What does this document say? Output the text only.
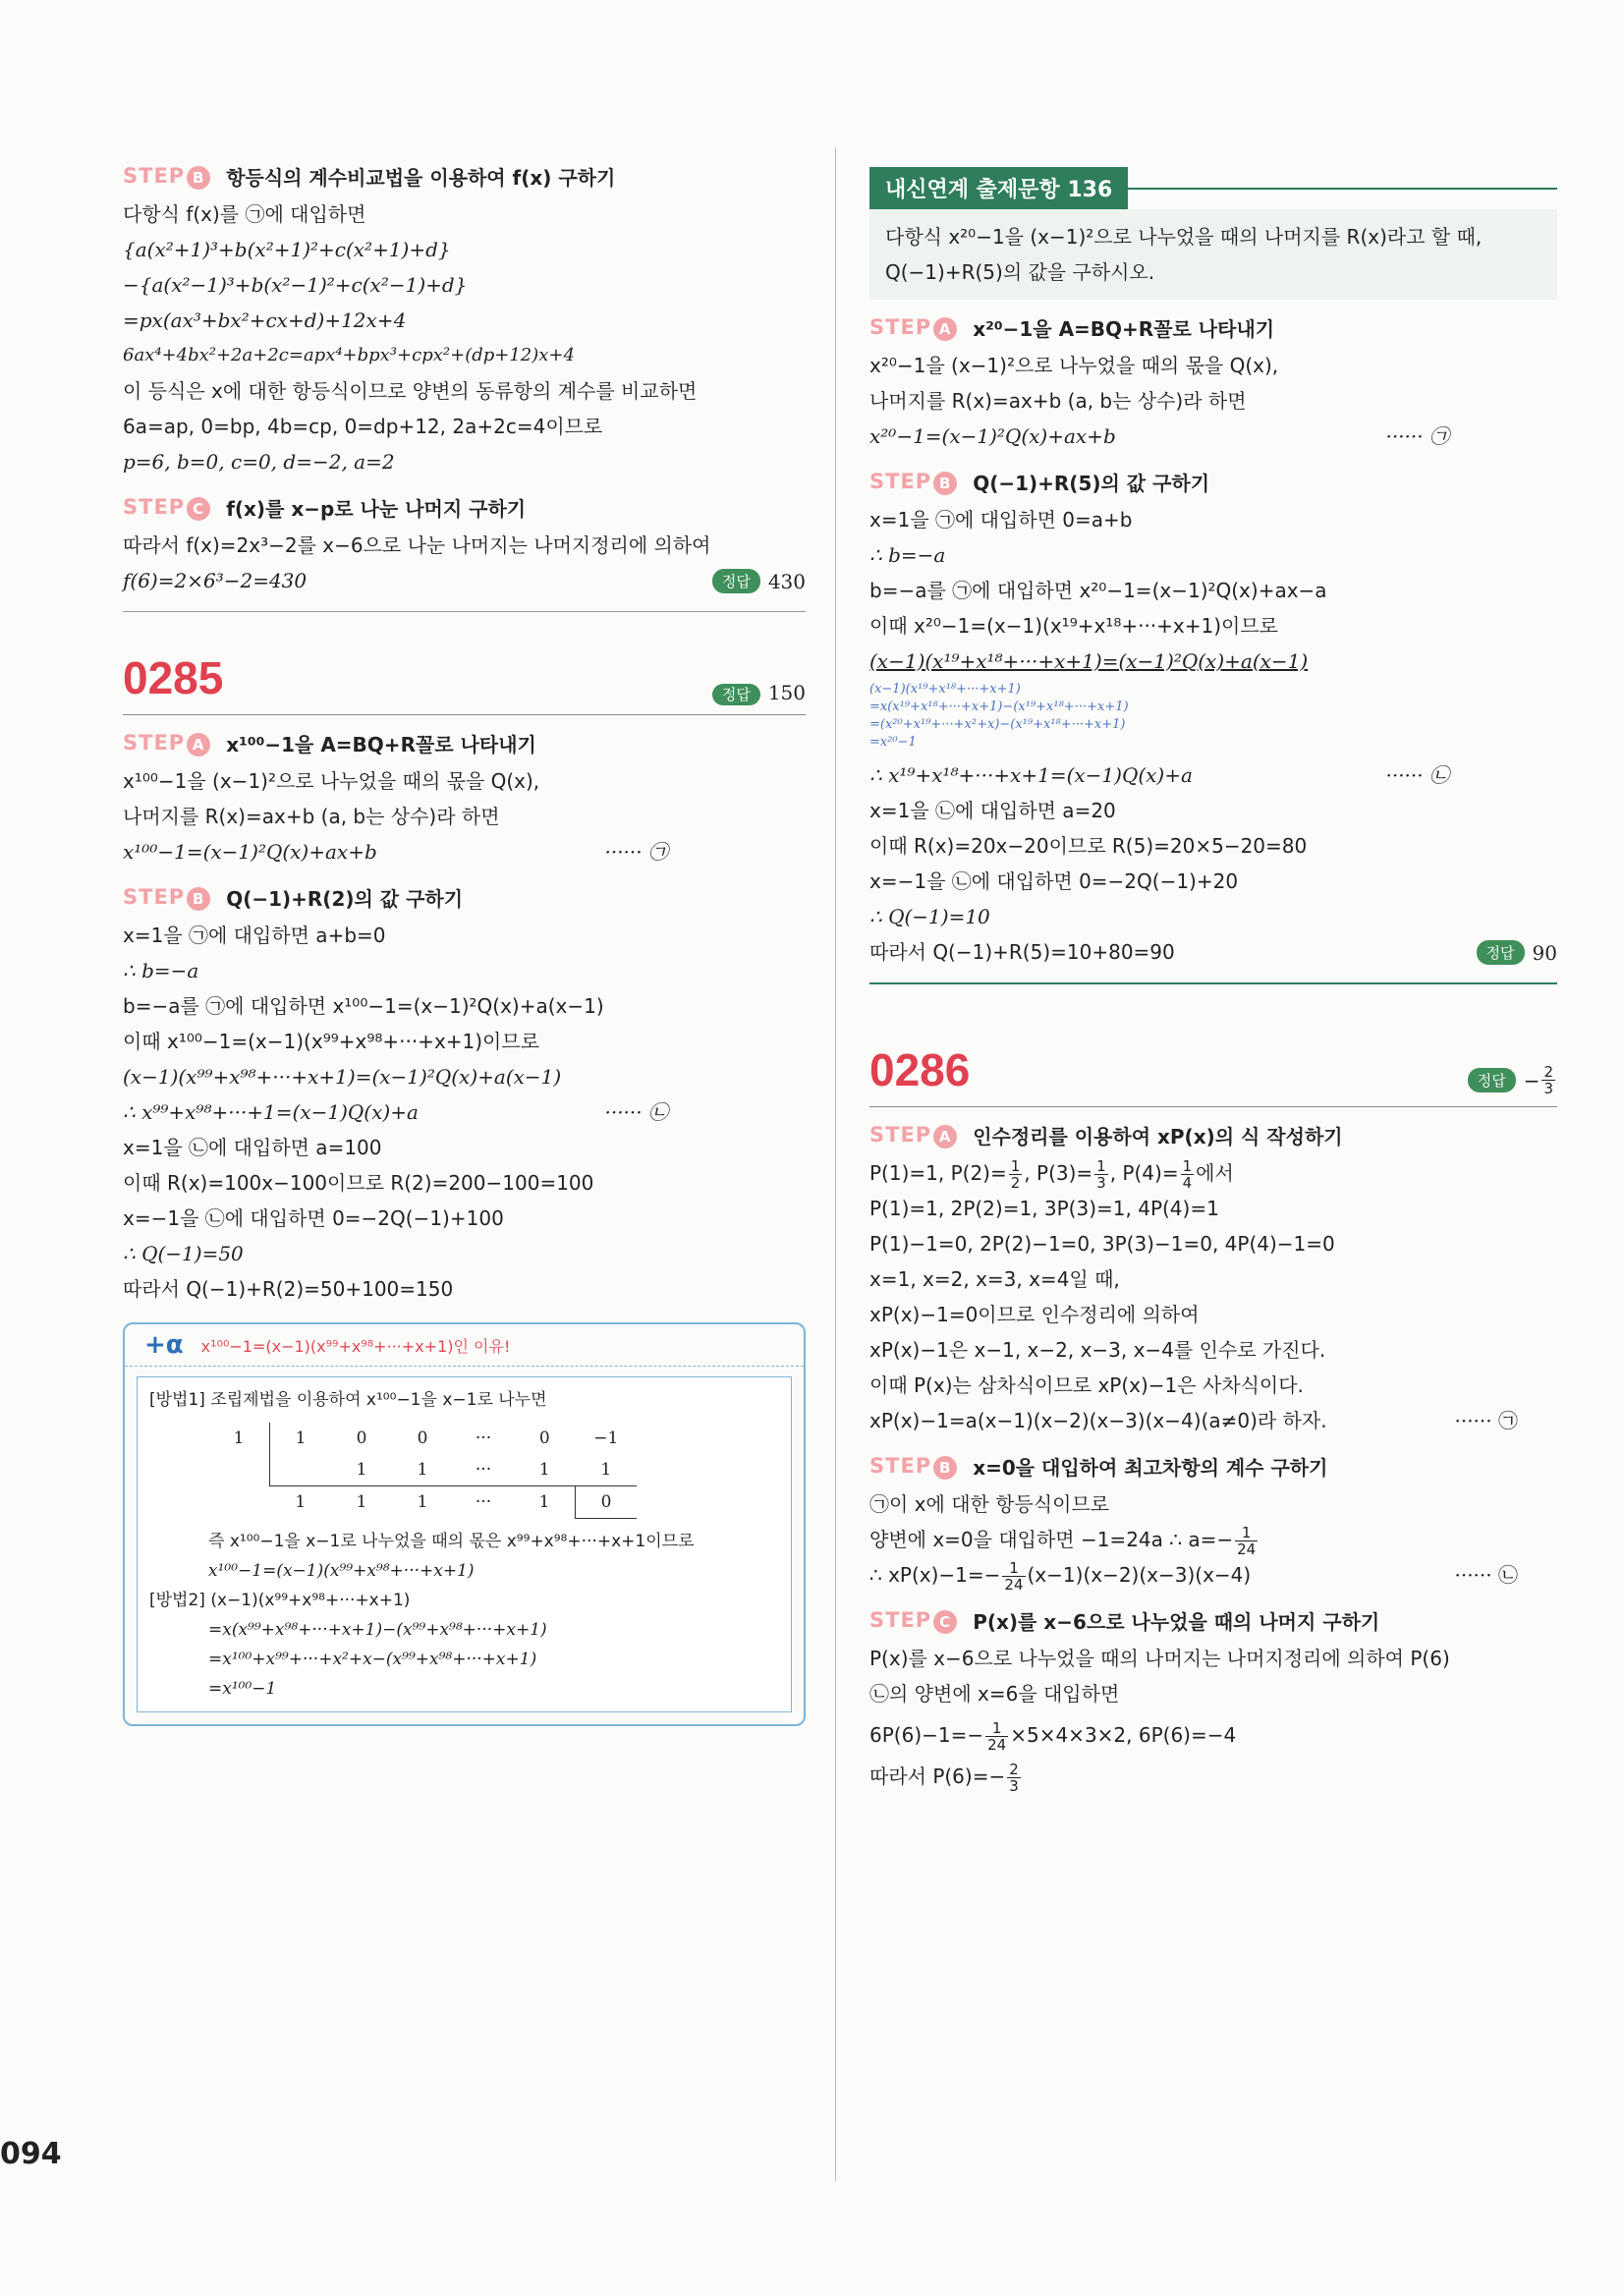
STEP B 항등식의 계수비교법을 이용하여 f(x) 구하기
다항식 f(x)를 ㉠에 대입하면
{a(x²+1)³+b(x²+1)²+c(x²+1)+d}
−{a(x²−1)³+b(x²−1)²+c(x²−1)+d}
=px(ax³+bx²+cx+d)+12x+4
6ax⁴+4bx²+2a+2c=apx⁴+bpx³+cpx²+(dp+12)x+4
이 등식은 x에 대한 항등식이므로 양변의 동류항의 계수를 비교하면
6a=ap, 0=bp, 4b=cp, 0=dp+12, 2a+2c=4이므로
p=6, b=0, c=0, d=−2, a=2
STEP C	f(x)를 x−p로 나눈 나머지 구하기
따라서 f(x)=2x³−2를 x−6으로 나눈 나머지는 나머지정리에 의하여
f(6)=2×6³−2=430	정답 430
0285	정답 150
STEP A x¹⁰⁰−1을 A=BQ+R꼴로 나타내기
x¹⁰⁰−1을 (x−1)²으로 나누었을 때의 몫을 Q(x),
나머지를 R(x)=ax+b (a, b는 상수)라 하면
x¹⁰⁰−1=(x−1)²Q(x)+ax+b	······ ㉠
STEP B Q(−1)+R(2)의 값 구하기
x=1을 ㉠에 대입하면 a+b=0
∴ b=−a
b=−a를 ㉠에 대입하면 x¹⁰⁰−1=(x−1)²Q(x)+a(x−1)
이때 x¹⁰⁰−1=(x−1)(x⁹⁹+x⁹⁸+···+x+1)이므로
(x−1)(x⁹⁹+x⁹⁸+···+x+1)=(x−1)²Q(x)+a(x−1)
∴ x⁹⁹+x⁹⁸+···+1=(x−1)Q(x)+a	······ ㉡
x=1을 ㉡에 대입하면 a=100
이때 R(x)=100x−100이므로 R(2)=200−100=100
x=−1을 ㉡에 대입하면 0=−2Q(−1)+100
∴ Q(−1)=50
따라서 Q(−1)+R(2)=50+100=150
+α x¹⁰⁰−1=(x−1)(x⁹⁹+x⁹⁸+···+x+1)인 이유!
[방법1] 조립제법을 이용하여 x¹⁰⁰−1을 x−1로 나누면
1	1	0	0	···	0	−1
		1	1	···	1	1
	1	1	1	···	1	0
즉 x¹⁰⁰−1을 x−1로 나누었을 때의 몫은 x⁹⁹+x⁹⁸+···+x+1이므로
x¹⁰⁰−1=(x−1)(x⁹⁹+x⁹⁸+···+x+1)
[방법2] (x−1)(x⁹⁹+x⁹⁸+···+x+1)
=x(x⁹⁹+x⁹⁸+···+x+1)−(x⁹⁹+x⁹⁸+···+x+1)
=x¹⁰⁰+x⁹⁹+···+x²+x−(x⁹⁹+x⁹⁸+···+x+1)
=x¹⁰⁰−1
내신연계 출제문항 136
다항식 x²⁰−1을 (x−1)²으로 나누었을 때의 나머지를 R(x)라고 할 때,
Q(−1)+R(5)의 값을 구하시오.
STEP A x²⁰−1을 A=BQ+R꼴로 나타내기
x²⁰−1을 (x−1)²으로 나누었을 때의 몫을 Q(x),
나머지를 R(x)=ax+b (a, b는 상수)라 하면
x²⁰−1=(x−1)²Q(x)+ax+b	······ ㉠
STEP B Q(−1)+R(5)의 값 구하기
x=1을 ㉠에 대입하면 0=a+b
∴ b=−a
b=−a를 ㉠에 대입하면 x²⁰−1=(x−1)²Q(x)+ax−a
이때 x²⁰−1=(x−1)(x¹⁹+x¹⁸+···+x+1)이므로
(x−1)(x¹⁹+x¹⁸+···+x+1)=(x−1)²Q(x)+a(x−1)
(x−1)(x¹⁹+x¹⁸+···+x+1)
=x(x¹⁹+x¹⁸+···+x+1)−(x¹⁹+x¹⁸+···+x+1)
=(x²⁰+x¹⁹+···+x²+x)−(x¹⁹+x¹⁸+···+x+1)
=x²⁰−1
∴ x¹⁹+x¹⁸+···+x+1=(x−1)Q(x)+a	······ ㉡
x=1을 ㉡에 대입하면 a=20
이때 R(x)=20x−20이므로 R(5)=20×5−20=80
x=−1을 ㉡에 대입하면 0=−2Q(−1)+20
∴ Q(−1)=10
따라서 Q(−1)+R(5)=10+80=90	정답 90
0286	정답 − $\frac{2}{3}$
STEP A 인수정리를 이용하여 xP(x)의 식 작성하기
P(1)=1, $P(2)= \frac{1}{2}$ , $P(3)= \frac{1}{3}$ , $P(4)= \frac{1}{4}$ 에서
P(1)=1, 2P(2)=1, 3P(3)=1, 4P(4)=1
P(1)−1=0, 2P(2)−1=0, 3P(3)−1=0, 4P(4)−1=0
x=1, x=2, x=3, x=4일 때,
xP(x)−1=0이므로 인수정리에 의하여
xP(x)−1은 x−1, x−2, x−3, x−4를 인수로 가진다.
이때 P(x)는 삼차식이므로 xP(x)−1은 사차식이다.
xP(x)−1=a(x−1)(x−2)(x−3)(x−4)(a≠0)라 하자.	······ ㉠
STEP B x=0을 대입하여 최고차항의 계수 구하기
㉠이 x에 대한 항등식이므로
양변에 x=0을 대입하면 −1=24a ∴ $a=- \frac{1}{24}$
∴ $xP(x)-1=- \frac{1}{24} (x-1)(x-2)(x-3)(x-4)$	······ ㉡
STEP C	P(x)를 x−6으로 나누었을 때의 나머지 구하기
P(x)를 x−6으로 나누었을 때의 나머지는 나머지정리에 의하여 P(6)
㉡의 양변에 x=6을 대입하면
$6P(6)-1=- \frac{1}{24} \times 5\times 4\times 3\times 2$, 6P(6)=−4
따라서 $P(6)=- \frac{2}{3}$
094
